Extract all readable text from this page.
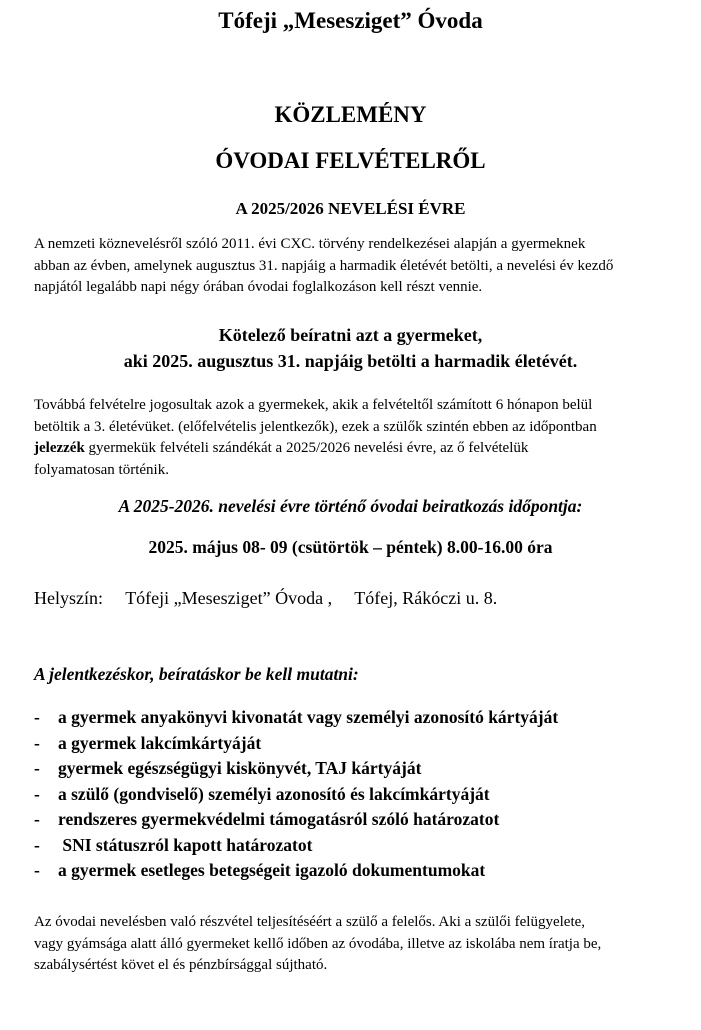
Tófeji „Mesesziget” Óvoda
KÖZLEMÉNY
ÓVODAI FELVÉTELRŐL
A 2025/2026 NEVELÉSI ÉVRE
A nemzeti köznevelésről szóló 2011. évi CXC. törvény rendelkezései alapján a gyermeknek
abban az évben, amelynek augusztus 31. napjáig a harmadik életévét betölti, a nevelési év kezdő
napjától legalább napi négy órában óvodai foglalkozáson kell részt vennie.
Kötelező beíratni azt a gyermeket,
aki 2025. augusztus 31. napjáig betölti a harmadik életévét.
Továbbá felvételre jogosultak azok a gyermekek, akik a felvételtől számított 6 hónapon belül
betöltik a 3. életévüket. (előfelvételis jelentkezők), ezek a szülők szintén ebben az időpontban
jelezzék gyermekük felvételi szándékát a 2025/2026 nevelési évre, az ő felvételük
folyamatosan történik.
A 2025-2026. nevelési évre történő óvodai beiratkozás időpontja:
2025. május 08- 09 (csütörtök – péntek) 8.00-16.00 óra
Helyszín: Tófeji „Mesesziget” Óvoda , Tófej, Rákóczi u. 8.
A jelentkezéskor, beíratáskor be kell mutatni:
-	a gyermek anyakönyvi kivonatát vagy személyi azonosító kártyáját
-	a gyermek lakcímkártyáját
-	gyermek egészségügyi kiskönyvét, TAJ kártyáját
-	a szülő (gondviselő) személyi azonosító és lakcímkártyáját
-	rendszeres gyermekvédelmi támogatásról szóló határozatot
-	SNI státuszról kapott határozatot
-	a gyermek esetleges betegségeit igazoló dokumentumokat
Az óvodai nevelésben való részvétel teljesítéséért a szülő a felelős. Aki a szülői felügyelete,
vagy gyámsága alatt álló gyermeket kellő időben az óvodába, illetve az iskolába nem íratja be,
szabálysértést követ el és pénzbírsággal sújtható.
